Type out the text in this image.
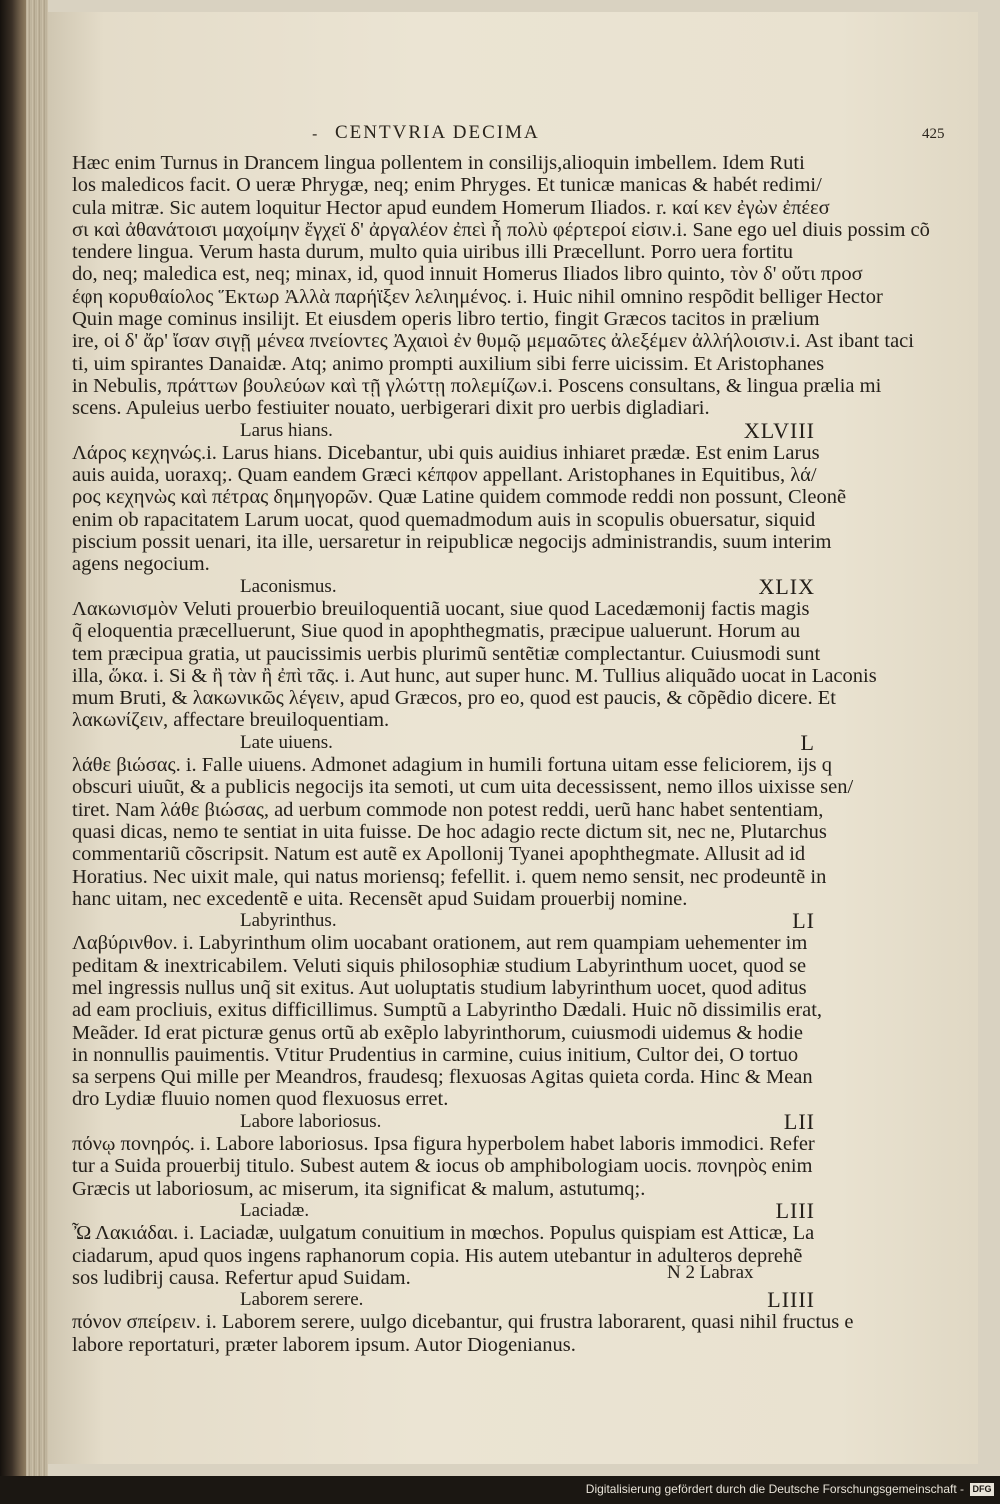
- CENTVRIA DECIMA	425
Hæc enim Turnus in Drancem lingua pollentem in consilijs,alioquin imbellem. Idem Ruti
los maledicos facit. O ueræ Phrygæ, neq; enim Phryges. Et tunicæ manicas & habét redimi/
cula mitræ. Sic autem loquitur Hector apud eundem Homerum Iliados. r. καί κεν ἐγὼν ἐπέεσ
σι καὶ ἀθανάτοισι μαχοίμην ἔγχεϊ δ' ἀργαλέον ἐπεὶ ἦ πολὺ φέρτεροί εἰσιν.i. Sane ego uel diuis possim cõ
tendere lingua. Verum hasta durum, multo quia uiribus illi Præcellunt. Porro uera fortitu
do, neq; maledica est, neq; minax, id, quod innuit Homerus Iliados libro quinto, τὸν δ' οὔτι προσ
έφη κορυθαίολος Ἕκτωρ Ἀλλὰ παρήϊξεν λελιημένος. i. Huic nihil omnino respõdit belliger Hector
Quin mage cominus insilijt. Et eiusdem operis libro tertio, fingit Græcos tacitos in prælium
ire, οἱ δ' ἄρ' ἴσαν σιγῇ μένεα πνείοντες Ἀχαιοὶ ἐν θυμῷ μεμαῶτες ἀλεξέμεν ἀλλήλοισιν.i. Ast ibant taci
ti, uim spirantes Danaidæ. Atq; animo prompti auxilium sibi ferre uicissim. Et Aristophanes
in Nebulis, πράττων βουλεύων καὶ τῇ γλώττῃ πολεμίζων.i. Poscens consultans, & lingua prælia mi
scens. Apuleius uerbo festiuiter nouato, uerbigerari dixit pro uerbis digladiari.
Larus hians.	XLVIII
Λάρος κεχηνώς.i. Larus hians. Dicebantur, ubi quis auidius inhiaret prædæ. Est enim Larus
auis auida, uoraxq;. Quam eandem Græci κέπφον appellant. Aristophanes in Equitibus, λά/
ρος κεχηνὼς καὶ πέτρας δημηγορῶν. Quæ Latine quidem commode reddi non possunt, Cleonẽ
enim ob rapacitatem Larum uocat, quod quemadmodum auis in scopulis obuersatur, siquid
piscium possit uenari, ita ille, uersaretur in reipublicæ negocijs administrandis, suum interim
agens negocium.
Laconismus.	XLIX
Λακωνισμὸν Veluti prouerbio breuiloquentiã uocant, siue quod Lacedæmonij factis magis
q̃ eloquentia præcelluerunt, Siue quod in apophthegmatis, præcipue ualuerunt. Horum au
tem præcipua gratia, ut paucissimis uerbis plurimũ sentẽtiæ complectantur. Cuiusmodi sunt
illa, ὥκα. i. Si & ἢ τὰν ἢ ἐπὶ τᾶς. i. Aut hunc, aut super hunc. M. Tullius aliquãdo uocat in Laconis
mum Bruti, & λακωνικῶς λέγειν, apud Græcos, pro eo, quod est paucis, & cõpẽdio dicere. Et
λακωνίζειν, affectare breuiloquentiam.
Late uiuens.	L
λάθε βιώσας. i. Falle uiuens. Admonet adagium in humili fortuna uitam esse feliciorem, ijs q
obscuri uiuũt, & a publicis negocijs ita semoti, ut cum uita decessissent, nemo illos uixisse sen/
tiret. Nam λάθε βιώσας, ad uerbum commode non potest reddi, uerũ hanc habet sententiam,
quasi dicas, nemo te sentiat in uita fuisse. De hoc adagio recte dictum sit, nec ne, Plutarchus
commentariũ cõscripsit. Natum est autẽ ex Apollonij Tyanei apophthegmate. Allusit ad id
Horatius. Nec uixit male, qui natus moriensq; fefellit. i. quem nemo sensit, nec prodeuntẽ in
hanc uitam, nec excedentẽ e uita. Recensẽt apud Suidam prouerbij nomine.
Labyrinthus.	LI
Λαβύρινθον. i. Labyrinthum olim uocabant orationem, aut rem quampiam uehementer im
peditam & inextricabilem. Veluti siquis philosophiæ studium Labyrinthum uocet, quod se
mel ingressis nullus unq̃ sit exitus. Aut uoluptatis studium labyrinthum uocet, quod aditus
ad eam procliuis, exitus difficillimus. Sumptũ a Labyrintho Dædali. Huic nõ dissimilis erat,
Meãder. Id erat picturæ genus ortũ ab exẽplo labyrinthorum, cuiusmodi uidemus & hodie
in nonnullis pauimentis. Vtitur Prudentius in carmine, cuius initium, Cultor dei, O tortuo
sa serpens Qui mille per Meandros, fraudesq; flexuosas Agitas quieta corda. Hinc & Mean
dro Lydiæ fluuio nomen quod flexuosus erret.
Labore laboriosus.	LII
πόνῳ πονηρός. i. Labore laboriosus. Ipsa figura hyperbolem habet laboris immodici. Refer
tur a Suida prouerbij titulo. Subest autem & iocus ob amphibologiam uocis. πονηρὸς enim
Græcis ut laboriosum, ac miserum, ita significat & malum, astutumq;.
Laciadæ.	LIII
Ὦ Λακιάδαι. i. Laciadæ, uulgatum conuitium in mœchos. Populus quispiam est Atticæ, La
ciadarum, apud quos ingens raphanorum copia. His autem utebantur in adulteros deprehẽ
sos ludibrij causa. Refertur apud Suidam.
Laborem serere.	LIIII
πόνον σπείρειν. i. Laborem serere, uulgo dicebantur, qui frustra laborarent, quasi nihil fructus e
labore reportaturi, præter laborem ipsum. Autor Diogenianus.
N 2 Labrax
Digitalisierung gefördert durch die Deutsche Forschungsgemeinschaft - DFG
